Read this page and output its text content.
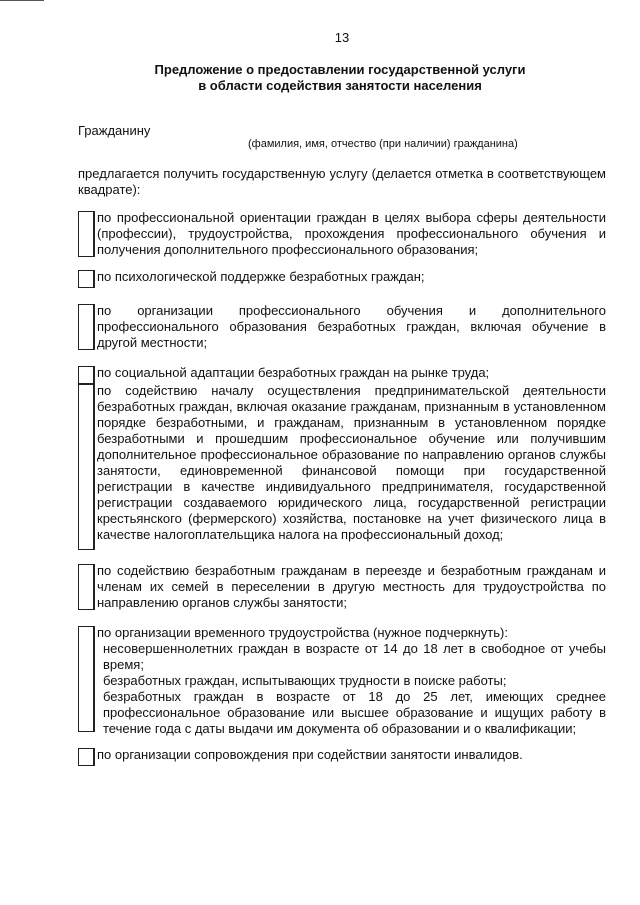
13
Предложение о предоставлении государственной услуги
в области содействия занятости населения
Гражданину
(фамилия, имя, отчество (при наличии) гражданина)
предлагается получить государственную услугу (делается отметка в соответствующем квадрате):
по профессиональной ориентации граждан в целях выбора сферы деятельности (профессии), трудоустройства, прохождения профессионального обучения и получения дополнительного профессионального образования;
по психологической поддержке безработных граждан;
по организации профессионального обучения и дополнительного профессионального образования безработных граждан, включая обучение в другой местности;
по социальной адаптации безработных граждан на рынке труда;
по содействию началу осуществления предпринимательской деятельности безработных граждан, включая оказание гражданам, признанным в установленном порядке безработными, и гражданам, признанным в установленном порядке безработными и прошедшим профессиональное обучение или получившим дополнительное профессиональное образование по направлению органов службы занятости, единовременной финансовой помощи при государственной регистрации в качестве индивидуального предпринимателя, государственной регистрации создаваемого юридического лица, государственной регистрации крестьянского (фермерского) хозяйства, постановке на учет физического лица в качестве налогоплательщика налога на профессиональный доход;
по содействию безработным гражданам в переезде и безработным гражданам и членам их семей в переселении в другую местность для трудоустройства по направлению органов службы занятости;

по организации временного трудоустройства (нужное подчеркнуть):

несовершеннолетних граждан в возрасте от 14 до 18 лет в свободное от учебы время;

безработных граждан, испытывающих трудности в поиске работы;

безработных граждан в возрасте от 18 до 25 лет, имеющих среднее профессиональное образование или высшее образование и ищущих работу в течение года с даты выдачи им документа об образовании и о квалификации;

по организации сопровождения при содействии занятости инвалидов.
